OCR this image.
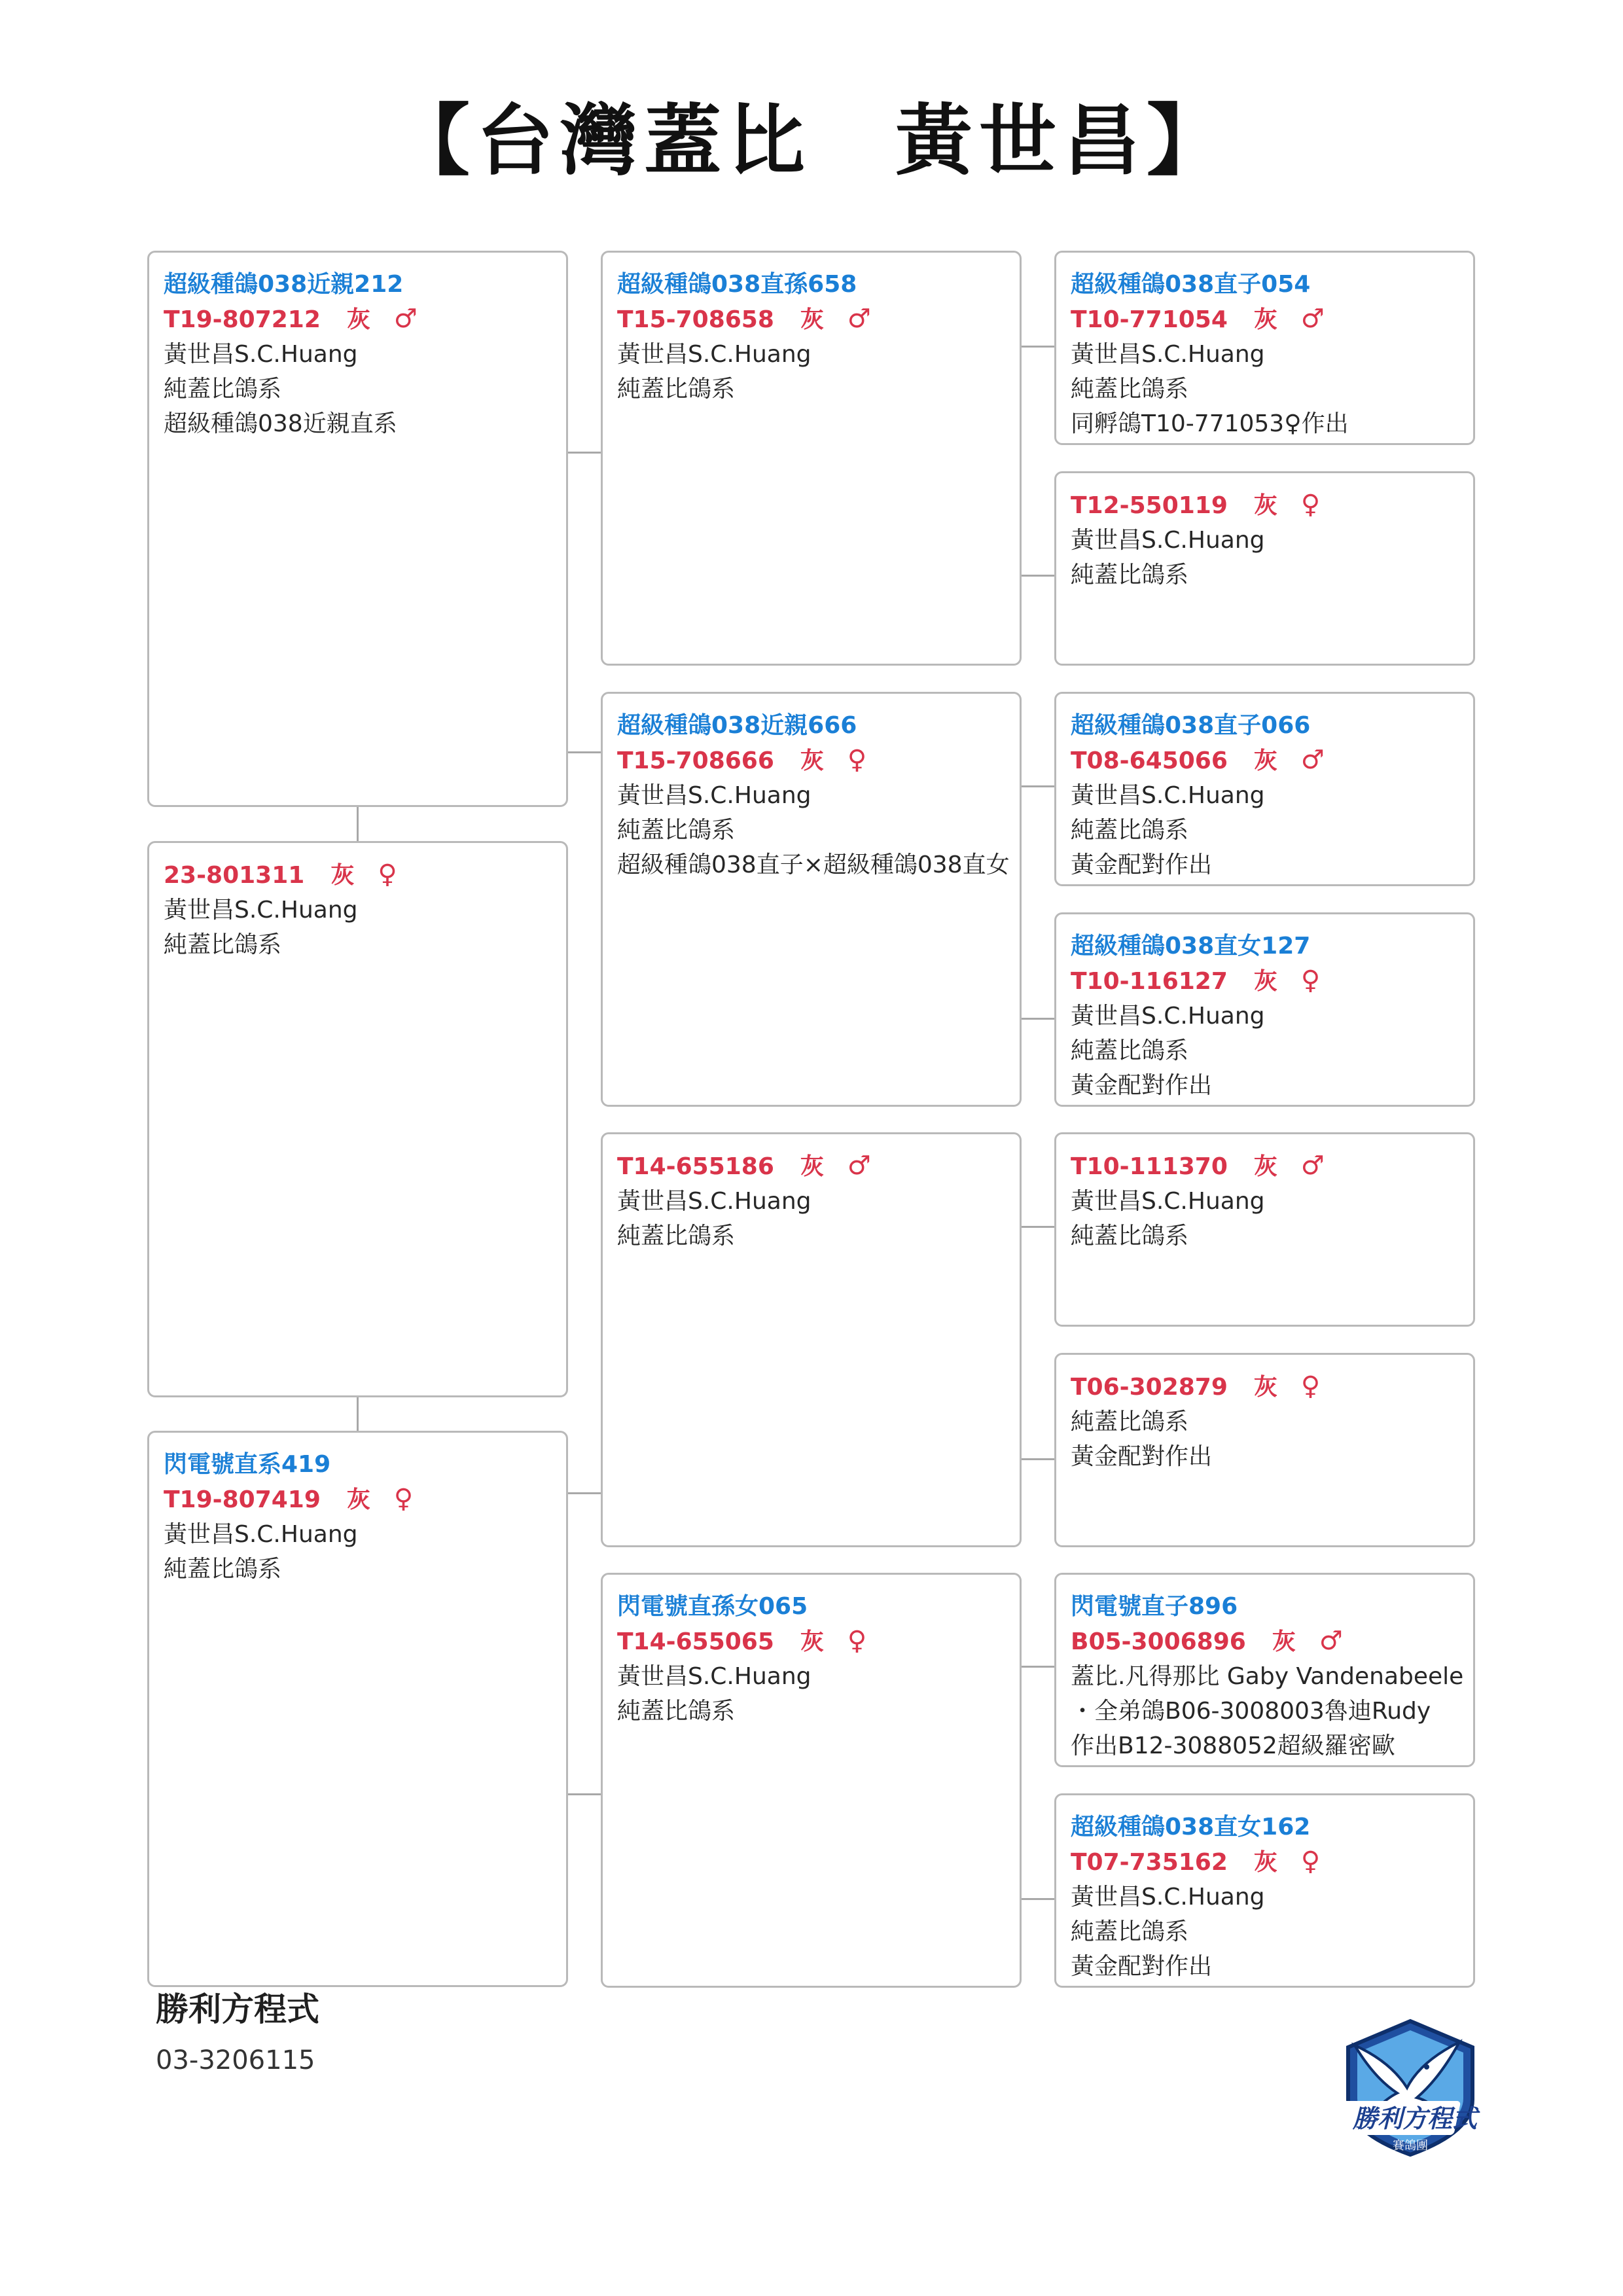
【台灣蓋比　黃世昌】
超級種鴿038近親212
T19-807212 灰 ♂
黃世昌S.C.Huang
純蓋比鴿系
超級種鴿038近親直系
23-801311 灰 ♀
黃世昌S.C.Huang
純蓋比鴿系
閃電號直系419
T19-807419 灰 ♀
黃世昌S.C.Huang
純蓋比鴿系
超級種鴿038直孫658
T15-708658 灰 ♂
黃世昌S.C.Huang
純蓋比鴿系
超級種鴿038近親666
T15-708666 灰 ♀
黃世昌S.C.Huang
純蓋比鴿系
超級種鴿038直子×超級種鴿038直女
T14-655186 灰 ♂
黃世昌S.C.Huang
純蓋比鴿系
閃電號直孫女065
T14-655065 灰 ♀
黃世昌S.C.Huang
純蓋比鴿系
超級種鴿038直子054
T10-771054 灰 ♂
黃世昌S.C.Huang
純蓋比鴿系
同孵鴿T10-771053♀作出
T12-550119 灰 ♀
黃世昌S.C.Huang
純蓋比鴿系
超級種鴿038直子066
T08-645066 灰 ♂
黃世昌S.C.Huang
純蓋比鴿系
黃金配對作出
超級種鴿038直女127
T10-116127 灰 ♀
黃世昌S.C.Huang
純蓋比鴿系
黃金配對作出
T10-111370 灰 ♂
黃世昌S.C.Huang
純蓋比鴿系
T06-302879 灰 ♀
純蓋比鴿系
黃金配對作出
閃電號直子896
B05-3006896 灰 ♂
蓋比.凡得那比 Gaby Vandenabeele
・全弟鴿B06-3008003魯迪Rudy
作出B12-3088052超級羅密歐
超級種鴿038直女162
T07-735162 灰 ♀
黃世昌S.C.Huang
純蓋比鴿系
黃金配對作出
勝利方程式
03-3206115
勝利方程式
賽鴿團
